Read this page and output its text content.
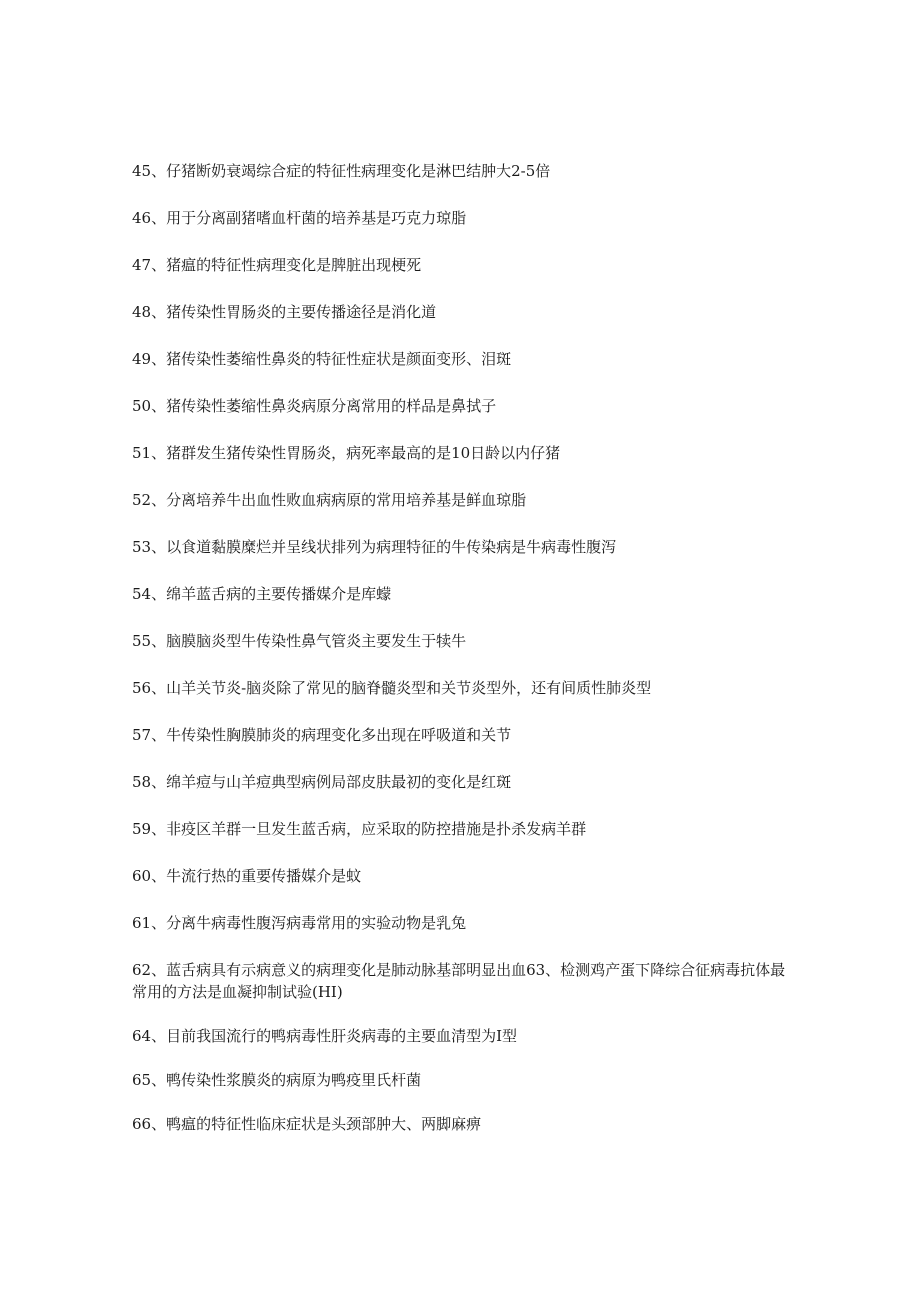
45、仔猪断奶衰竭综合症的特征性病理变化是淋巴结肿大2-5倍
46、用于分离副猪嗜血杆菌的培养基是巧克力琼脂
47、猪瘟的特征性病理变化是脾脏出现梗死
48、猪传染性胃肠炎的主要传播途径是消化道
49、猪传染性萎缩性鼻炎的特征性症状是颜面变形、泪斑
50、猪传染性萎缩性鼻炎病原分离常用的样品是鼻拭子
51、猪群发生猪传染性胃肠炎，病死率最高的是10日龄以内仔猪
52、分离培养牛出血性败血病病原的常用培养基是鲜血琼脂
53、以食道黏膜糜烂并呈线状排列为病理特征的牛传染病是牛病毒性腹泻
54、绵羊蓝舌病的主要传播媒介是库蠓
55、脑膜脑炎型牛传染性鼻气管炎主要发生于犊牛
56、山羊关节炎-脑炎除了常见的脑脊髓炎型和关节炎型外，还有间质性肺炎型
57、牛传染性胸膜肺炎的病理变化多出现在呼吸道和关节
58、绵羊痘与山羊痘典型病例局部皮肤最初的变化是红斑
59、非疫区羊群一旦发生蓝舌病，应采取的防控措施是扑杀发病羊群
60、牛流行热的重要传播媒介是蚊
61、分离牛病毒性腹泻病毒常用的实验动物是乳兔
62、蓝舌病具有示病意义的病理变化是肺动脉基部明显出血63、检测鸡产蛋下降综合征病毒抗体最常用的方法是血凝抑制试验(HI)
64、目前我国流行的鸭病毒性肝炎病毒的主要血清型为I型
65、鸭传染性浆膜炎的病原为鸭疫里氏杆菌
66、鸭瘟的特征性临床症状是头颈部肿大、两脚麻痹
